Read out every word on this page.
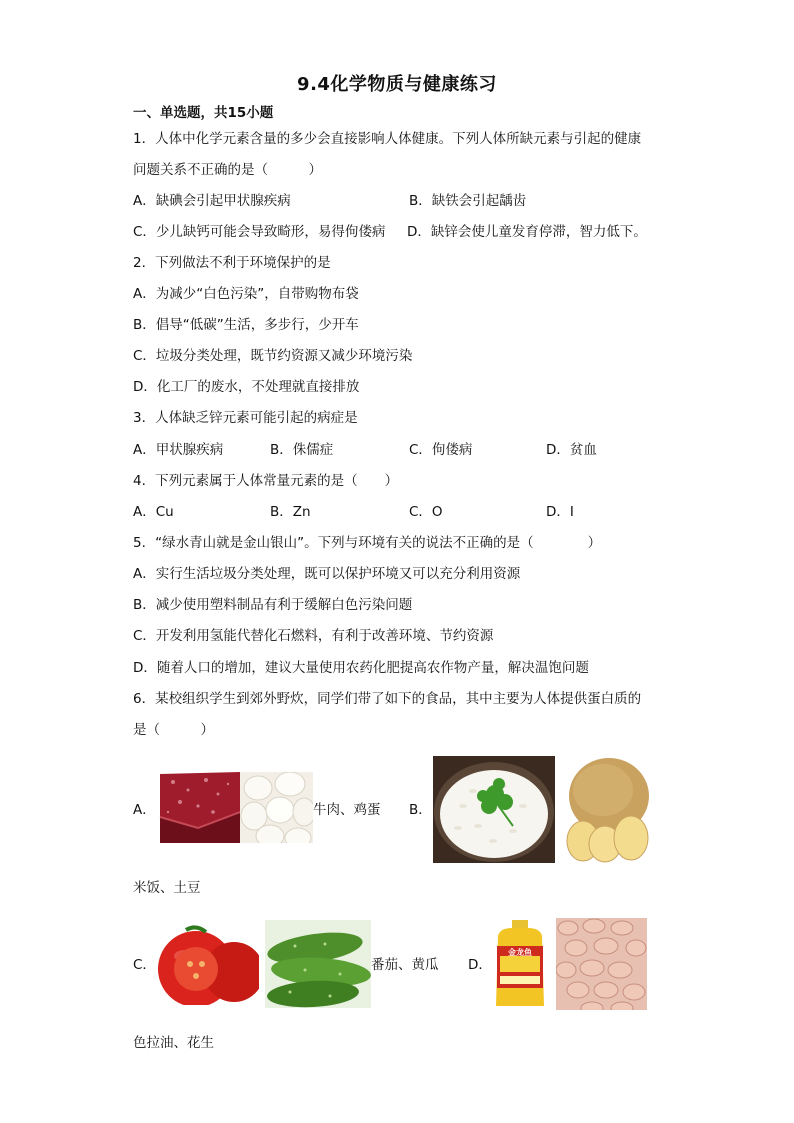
9.4化学物质与健康练习
一、单选题，共15小题
1．人体中化学元素含量的多少会直接影响人体健康。下列人体所缺元素与引起的健康
问题关系不正确的是（　　　）
A．缺碘会引起甲状腺疾病	B．缺铁会引起龋齿
C．少儿缺钙可能会导致畸形，易得佝偻病 D．缺锌会使儿童发育停滞，智力低下。
2．下列做法不利于环境保护的是
A．为减少“白色污染”，自带购物布袋
B．倡导“低碳”生活，多步行，少开车
C．垃圾分类处理，既节约资源又减少环境污染
D．化工厂的废水，不处理就直接排放
3．人体缺乏锌元素可能引起的病症是
A．甲状腺疾病	B．侏儒症	C．佝偻病	D．贫血
4．下列元素属于人体常量元素的是（　　）
A．Cu	B．Zn	C．O	D．I
5．“绿水青山就是金山银山”。下列与环境有关的说法不正确的是（　　　　）
A．实行生活垃圾分类处理，既可以保护环境又可以充分利用资源
B．减少使用塑料制品有利于缓解白色污染问题
C．开发利用氢能代替化石燃料，有利于改善环境、节约资源
D．随着人口的增加，建议大量使用农药化肥提高农作物产量，解决温饱问题
6．某校组织学生到郊外野炊，同学们带了如下的食品，其中主要为人体提供蛋白质的
是（　　　）
A．	牛肉、鸡蛋 B．
米饭、土豆
C．	番茄、黄瓜 D．
金龙鱼
色拉油、花生
